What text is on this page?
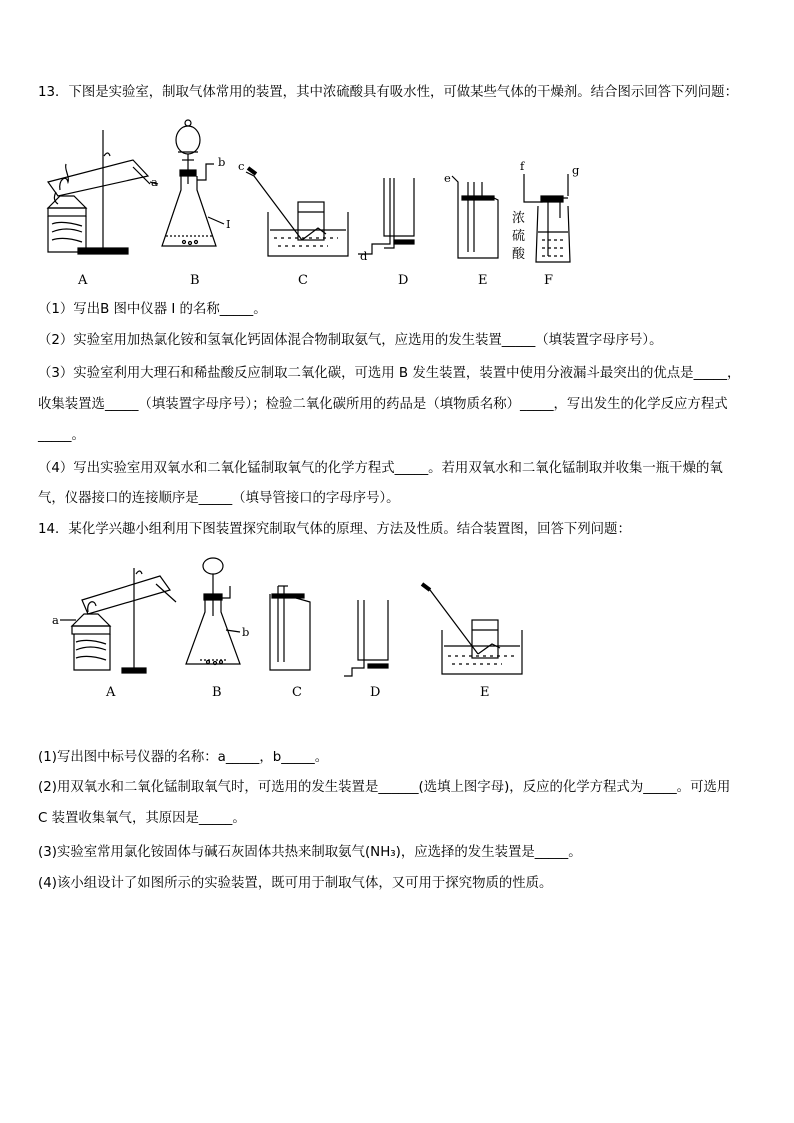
13．下图是实验室，制取气体常用的装置，其中浓硫酸具有吸水性，可做某些气体的干燥剂。结合图示回答下列问题：
A	B	C	D	E	F
a
b c
d
e
f	g
I	浓
硫
酸
（1）写出B 图中仪器 I 的名称_____。
（2）实验室用加热氯化铵和氢氧化钙固体混合物制取氨气，应选用的发生装置_____（填装置字母序号）。
（3）实验室利用大理石和稀盐酸反应制取二氧化碳，可选用 B 发生装置，装置中使用分液漏斗最突出的优点是_____，
收集装置选_____（填装置字母序号）；检验二氧化碳所用的药品是（填物质名称）_____，写出发生的化学反应方程式
_____。
（4）写出实验室用双氧水和二氧化锰制取氧气的化学方程式_____。若用双氧水和二氧化锰制取并收集一瓶干燥的氧
气，仪器接口的连接顺序是_____（填导管接口的字母序号）。
14．某化学兴趣小组利用下图装置探究制取气体的原理、方法及性质。结合装置图，回答下列问题：
A	B	C	D	E
a
b
(1)写出图中标号仪器的名称：a_____，b_____。
(2)用双氧水和二氧化锰制取氧气时，可选用的发生装置是______(选填上图字母)，反应的化学方程式为_____。可选用
C 装置收集氧气，其原因是_____。
(3)实验室常用氯化铵固体与碱石灰固体共热来制取氨气(NH₃)，应选择的发生装置是_____。
(4)该小组设计了如图所示的实验装置，既可用于制取气体，又可用于探究物质的性质。
